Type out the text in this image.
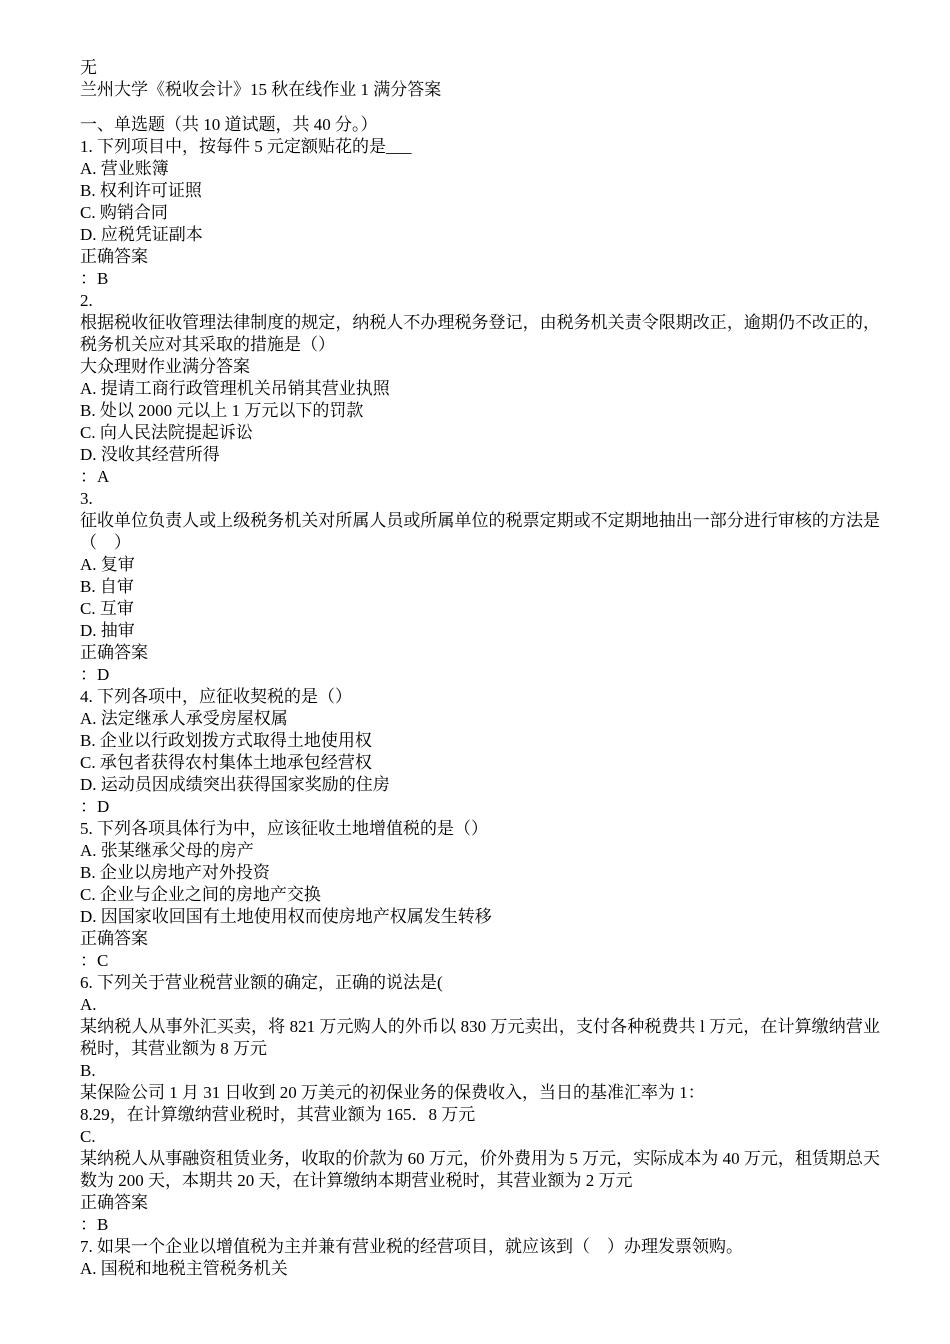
无
兰州大学《税收会计》15 秋在线作业 1 满分答案
一、单选题（共 10 道试题，共 40 分。）
1. 下列项目中，按每件 5 元定额贴花的是___
A. 营业账簿
B. 权利许可证照
C. 购销合同
D. 应税凭证副本
正确答案
：B
2.
根据税收征收管理法律制度的规定，纳税人不办理税务登记，由税务机关责令限期改正，逾期仍不改正的，税务机关应对其采取的措施是（）
大众理财作业满分答案
A. 提请工商行政管理机关吊销其营业执照
B. 处以 2000 元以上 1 万元以下的罚款
C. 向人民法院提起诉讼
D. 没收其经营所得
：A
3.
征收单位负责人或上级税务机关对所属人员或所属单位的税票定期或不定期地抽出一部分进行审核的方法是（　）
A. 复审
B. 自审
C. 互审
D. 抽审
正确答案
：D
4. 下列各项中，应征收契税的是（）
A. 法定继承人承受房屋权属
B. 企业以行政划拨方式取得土地使用权
C. 承包者获得农村集体土地承包经营权
D. 运动员因成绩突出获得国家奖励的住房
：D
5. 下列各项具体行为中，应该征收土地增值税的是（）
A. 张某继承父母的房产
B. 企业以房地产对外投资
C. 企业与企业之间的房地产交换
D. 因国家收回国有土地使用权而使房地产权属发生转移
正确答案
：C
6. 下列关于营业税营业额的确定，正确的说法是(
A.
某纳税人从事外汇买卖，将 821 万元购人的外币以 830 万元卖出，支付各种税费共 l 万元，在计算缴纳营业税时，其营业额为 8 万元
B.
某保险公司 1 月 31 日收到 20 万美元的初保业务的保费收入，当日的基准汇率为 1：
8.29，在计算缴纳营业税时，其营业额为 165．8 万元
C.
某纳税人从事融资租赁业务，收取的价款为 60 万元，价外费用为 5 万元，实际成本为 40 万元，租赁期总天数为 200 天，本期共 20 天，在计算缴纳本期营业税时，其营业额为 2 万元
正确答案
：B
7. 如果一个企业以增值税为主并兼有营业税的经营项目，就应该到（　）办理发票领购。
A. 国税和地税主管税务机关
